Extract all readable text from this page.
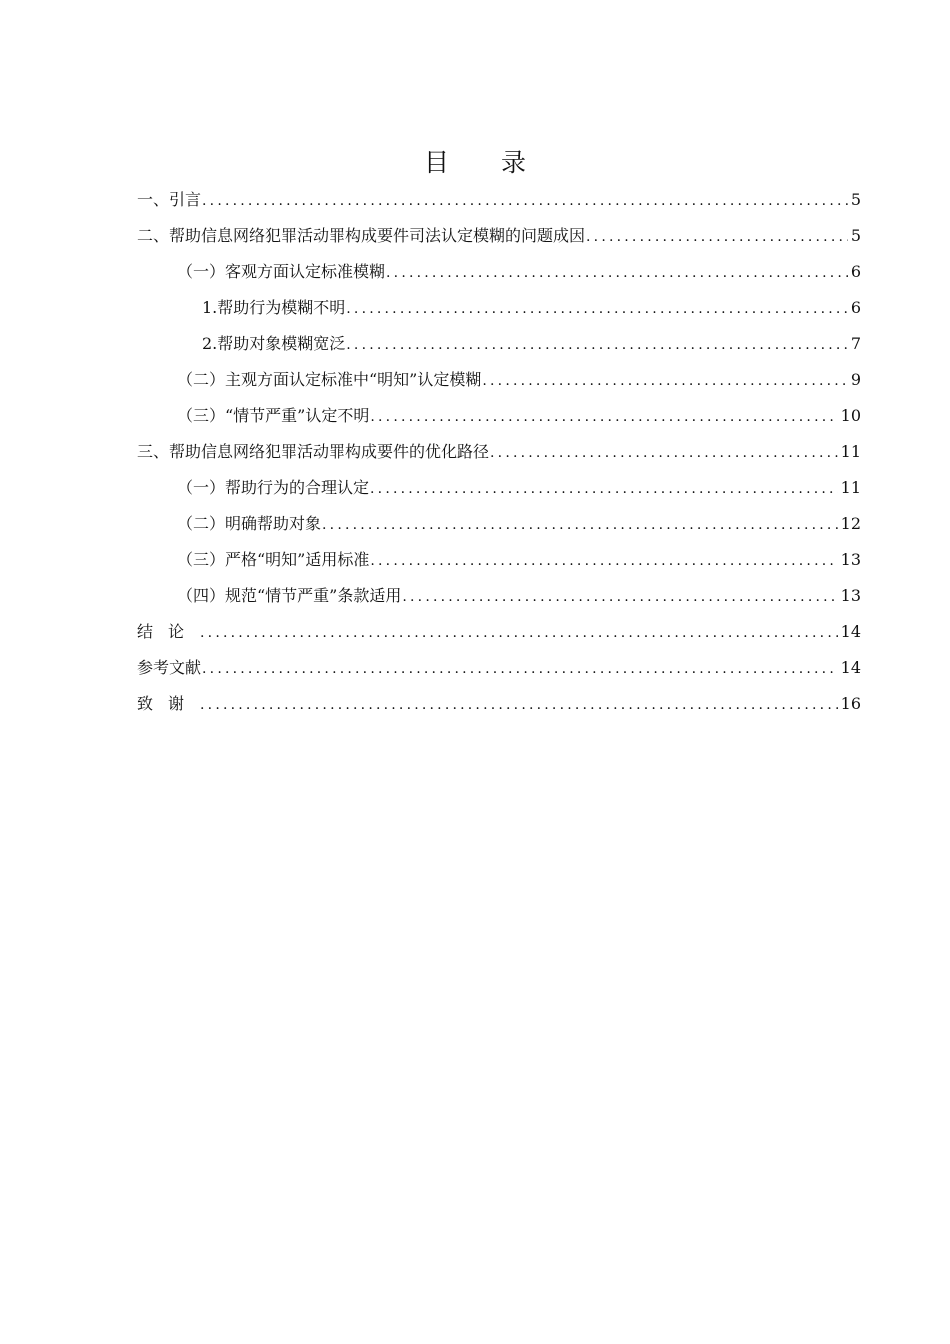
目 录
一、引言 .....	5
二、帮助信息网络犯罪活动罪构成要件司法认定模糊的问题成因 .....	5
（一）客观方面认定标准模糊 .....	6
1.帮助行为模糊不明 .....	6
2.帮助对象模糊宽泛 .....	7
（二）主观方面认定标准中“明知”认定模糊 .....	9
（三）“情节严重”认定不明 .....	10
三、帮助信息网络犯罪活动罪构成要件的优化路径 .....	11
（一）帮助行为的合理认定 .....	11
（二）明确帮助对象 .....	12
（三）严格“明知”适用标准 .....	13
（四）规范“情节严重”条款适用 .....	13
结论 .....	14
参考文献 .....	14
致谢 .....	16
